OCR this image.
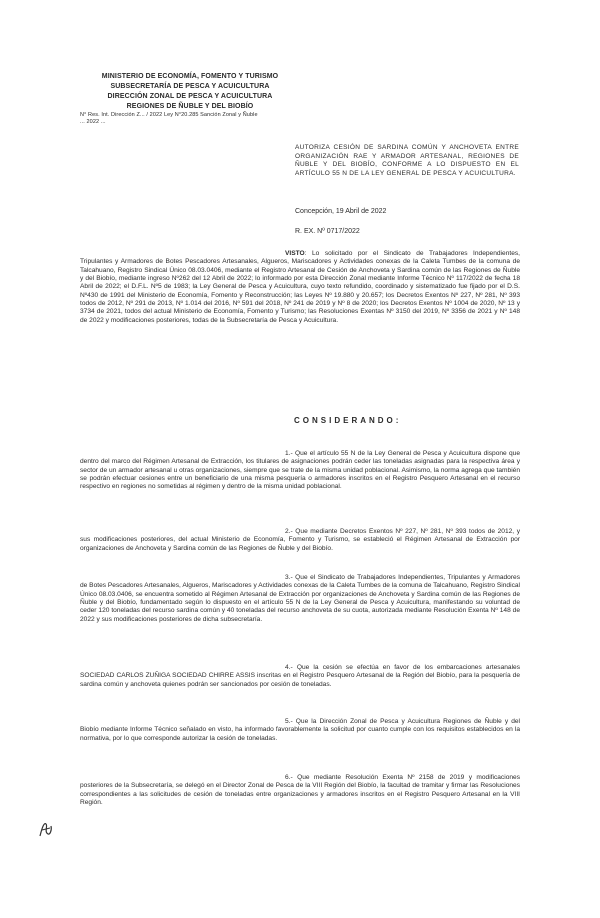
MINISTERIO DE ECONOMÍA, FOMENTO Y TURISMO
SUBSECRETARÍA DE PESCA Y ACUICULTURA
DIRECCIÓN ZONAL DE PESCA Y ACUICULTURA
REGIONES DE ÑUBLE Y DEL BIOBÍO
N° Res. Int. Dirección Z... / 2022 Ley N°20.285 Sanción Zonal y Ñuble
... 2022 ...
AUTORIZA CESIÓN DE SARDINA COMÚN Y ANCHOVETA ENTRE ORGANIZACIÓN RAE Y ARMADOR ARTESANAL, REGIONES DE ÑUBLE Y DEL BIOBÍO, CONFORME A LO DISPUESTO EN EL ARTÍCULO 55 N DE LA LEY GENERAL DE PESCA Y ACUICULTURA.
Concepción, 19 Abril de 2022
R. EX. Nº 0717/2022
VISTO: Lo solicitado por el Sindicato de Trabajadores Independientes, Tripulantes y Armadores de Botes Pescadores Artesanales, Algueros, Mariscadores y Actividades conexas de la Caleta Tumbes de la comuna de Talcahuano, Registro Sindical Único 08.03.0406, mediante el Registro Artesanal de Cesión de Anchoveta y Sardina común de las Regiones de Ñuble y del Biobío, mediante ingreso Nº262 del 12 Abril de 2022; lo informado por esta Dirección Zonal mediante Informe Técnico Nº 117/2022 de fecha 18 Abril de 2022; el D.F.L. Nº5 de 1983; la Ley General de Pesca y Acuicultura, cuyo texto refundido, coordinado y sistematizado fue fijado por el D.S. Nº430 de 1991 del Ministerio de Economía, Fomento y Reconstrucción; las Leyes Nº 19.880 y 20.657; los Decretos Exentos Nº 227, Nº 281, Nº 393 todos de 2012, Nº 291 de 2013, Nº 1.014 del 2016, Nº 591 del 2018, Nº 241 de 2019 y Nº 8 de 2020; los Decretos Exentos Nº 1004 de 2020, Nº 13 y 3734 de 2021, todos del actual Ministerio de Economía, Fomento y Turismo; las Resoluciones Exentas Nº 3150 del 2019, Nº 3356 de 2021 y Nº 148 de 2022 y modificaciones posteriores, todas de la Subsecretaría de Pesca y Acuicultura.
CONSIDERANDO:
1.- Que el artículo 55 N de la Ley General de Pesca y Acuicultura dispone que dentro del marco del Régimen Artesanal de Extracción, los titulares de asignaciones podrán ceder las toneladas asignadas para la respectiva área y sector de un armador artesanal u otras organizaciones, siempre que se trate de la misma unidad poblacional. Asimismo, la norma agrega que también se podrán efectuar cesiones entre un beneficiario de una misma pesquería o armadores inscritos en el Registro Pesquero Artesanal en el recurso respectivo en regiones no sometidas al régimen y dentro de la misma unidad poblacional.
2.- Que mediante Decretos Exentos Nº 227, Nº 281, Nº 393 todos de 2012, y sus modificaciones posteriores, del actual Ministerio de Economía, Fomento y Turismo, se estableció el Régimen Artesanal de Extracción por organizaciones de Anchoveta y Sardina común de las Regiones de Ñuble y del Biobío.
3.- Que el Sindicato de Trabajadores Independientes, Tripulantes y Armadores de Botes Pescadores Artesanales, Algueros, Mariscadores y Actividades conexas de la Caleta Tumbes de la comuna de Talcahuano, Registro Sindical Único 08.03.0406, se encuentra sometido al Régimen Artesanal de Extracción por organizaciones de Anchoveta y Sardina común de las Regiones de Ñuble y del Biobío, fundamentado según lo dispuesto en el artículo 55 N de la Ley General de Pesca y Acuicultura, manifestando su voluntad de ceder 120 toneladas del recurso sardina común y 40 toneladas del recurso anchoveta de su cuota, autorizada mediante Resolución Exenta Nº 148 de 2022 y sus modificaciones posteriores de dicha subsecretaría.
4.- Que la cesión se efectúa en favor de los embarcaciones artesanales SOCIEDAD CARLOS ZUÑIGA SOCIEDAD CHIRRE ASSIS inscritas en el Registro Pesquero Artesanal de la Región del Biobío, para la pesquería de sardina común y anchoveta quienes podrán ser sancionados por cesión de toneladas.
5.- Que la Dirección Zonal de Pesca y Acuicultura Regiones de Ñuble y del Biobío mediante Informe Técnico señalado en visto, ha informado favorablemente la solicitud por cuanto cumple con los requisitos establecidos en la normativa, por lo que corresponde autorizar la cesión de toneladas.
6.- Que mediante Resolución Exenta Nº 2158 de 2019 y modificaciones posteriores de la Subsecretaría, se delegó en el Director Zonal de Pesca de la VIII Región del Biobío, la facultad de tramitar y firmar las Resoluciones correspondientes a las solicitudes de cesión de toneladas entre organizaciones y armadores inscritos en el Registro Pesquero Artesanal en la VIII Región.
